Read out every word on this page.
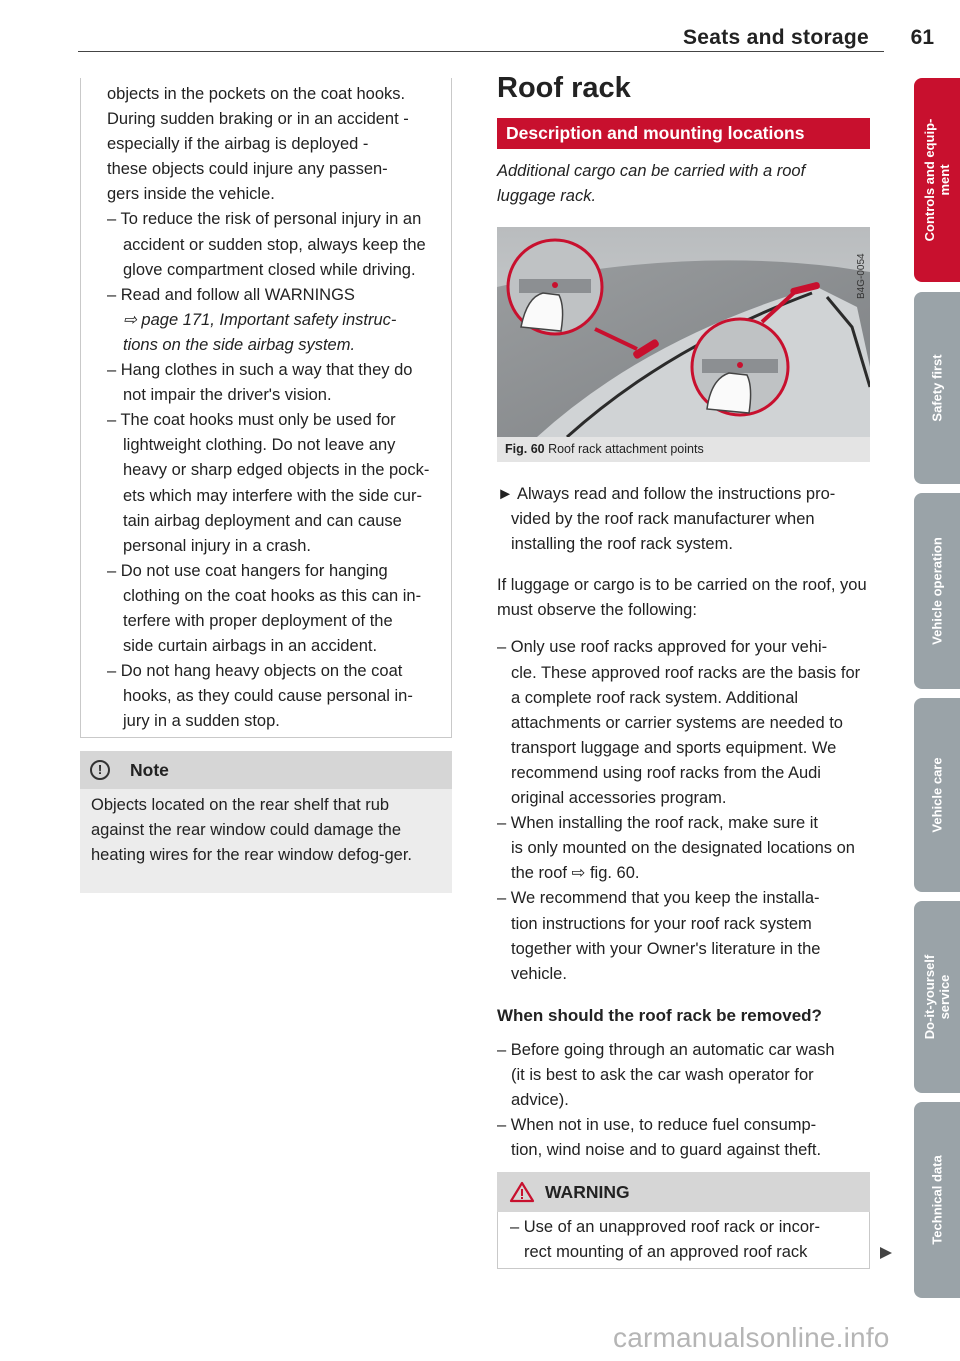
Seats and storage 61
objects in the pockets on the coat hooks.
During sudden braking or in an accident -
especially if the airbag is deployed -
these objects could injure any passen-
gers inside the vehicle.
– To reduce the risk of personal injury in an
accident or sudden stop, always keep the
glove compartment closed while driving.
– Read and follow all WARNINGS
⇨ page 171, Important safety instruc-
tions on the side airbag system.
– Hang clothes in such a way that they do
not impair the driver's vision.
– The coat hooks must only be used for
lightweight clothing. Do not leave any
heavy or sharp edged objects in the pock-
ets which may interfere with the side cur-
tain airbag deployment and can cause
personal injury in a crash.
– Do not use coat hangers for hanging
clothing on the coat hooks as this can in-
terfere with proper deployment of the
side curtain airbags in an accident.
– Do not hang heavy objects on the coat
hooks, as they could cause personal in-
jury in a sudden stop.
!	Note
Objects located on the rear shelf that rub against the rear window could damage the heating wires for the rear window defog-ger.
Roof rack
Description and mounting locations
Additional cargo can be carried with a roof luggage rack.
B4G-0054
Fig. 60 Roof rack attachment points
► Always read and follow the instructions pro-
vided by the roof rack manufacturer when installing the roof rack system.

If luggage or cargo is to be carried on the roof, you must observe the following:

– Only use roof racks approved for your vehi-
cle. These approved roof racks are the basis for a complete roof rack system. Additional attachments or carrier systems are needed to transport luggage and sports equipment. We recommend using roof racks from the Audi original accessories program.
– When installing the roof rack, make sure it
is only mounted on the designated locations on the roof ⇨ fig. 60.
– We recommend that you keep the installa-
tion instructions for your roof rack system together with your Owner's literature in the vehicle.

When should the roof rack be removed?

– Before going through an automatic car wash
(it is best to ask the car wash operator for advice).
– When not in use, to reduce fuel consump-
tion, wind noise and to guard against theft.
WARNING
– Use of an unapproved roof rack or incor-
rect mounting of an approved roof rack
Controls and equip-
ment
Safety first
Vehicle operation
Vehicle care
Do-it-yourself
service
Technical data
carmanualsonline.info
